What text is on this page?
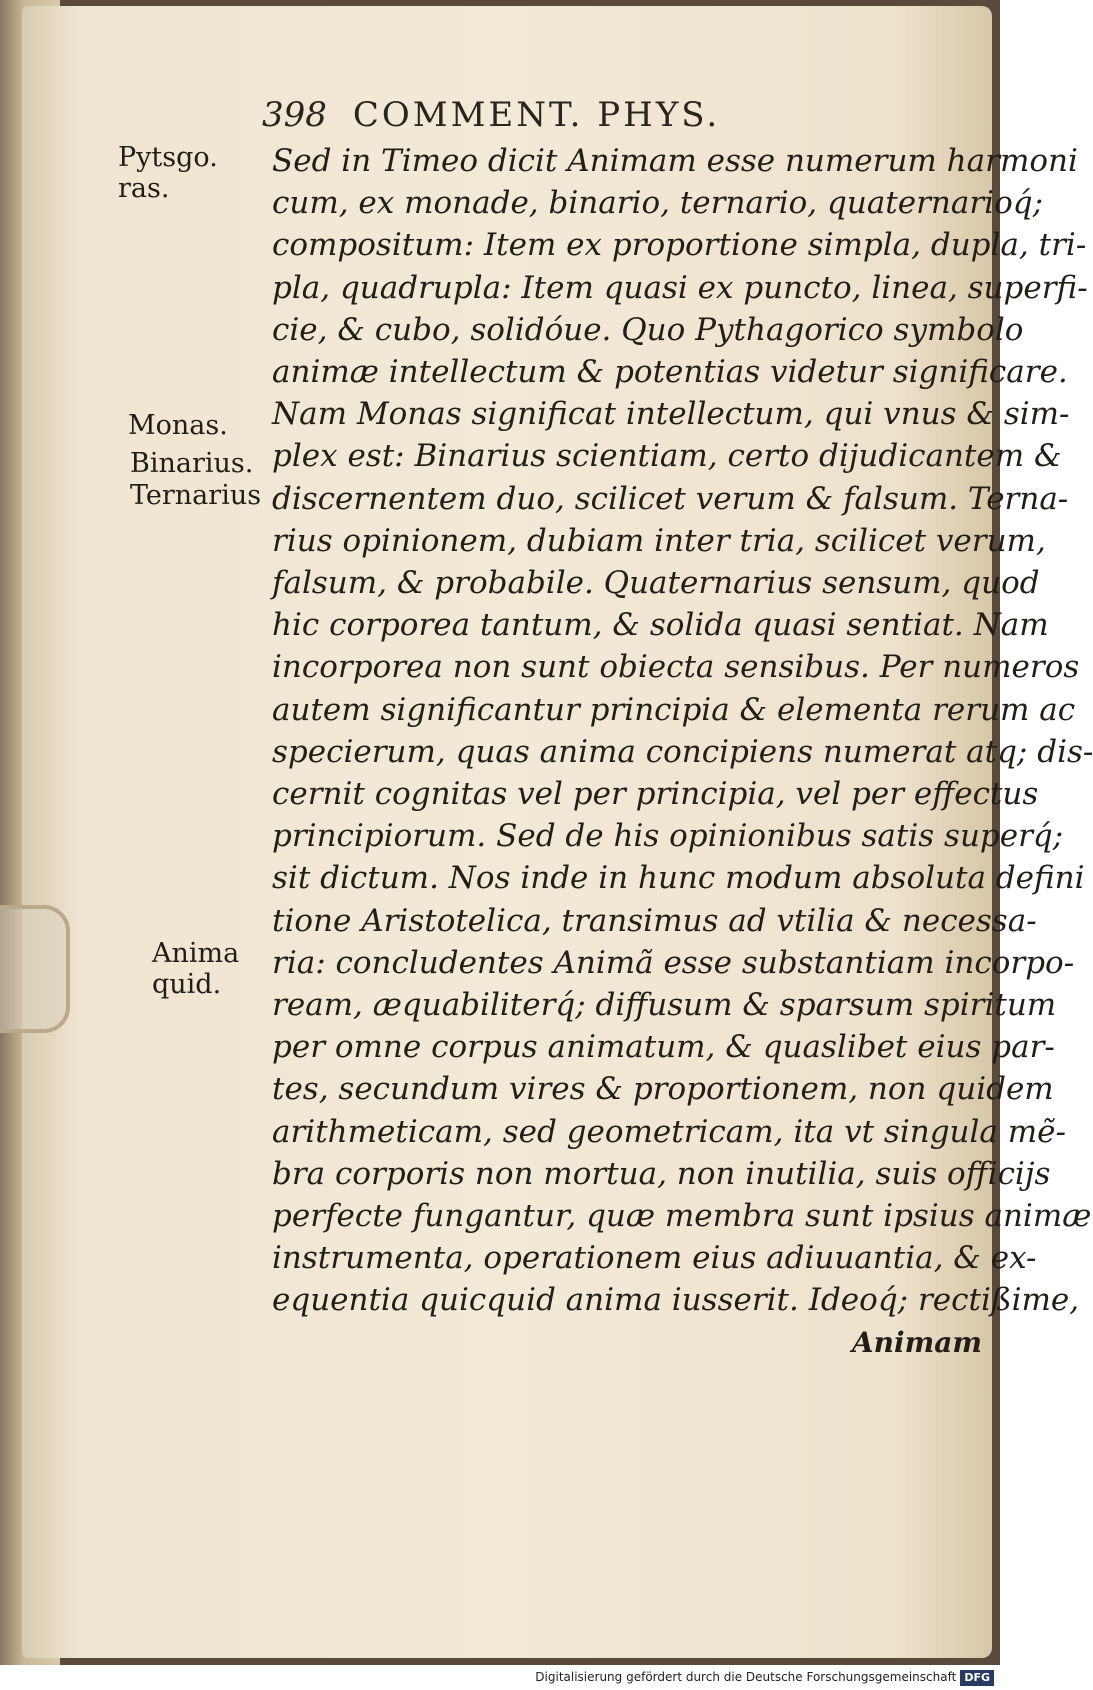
398 COMMENT. PHYS.
Pytsgo.
ras.
Monas.
Binarius.
Ternarius
Anima
quid.
Sed in Timeo dicit Animam esse numerum harmoni
cum, ex monade, binario, ternario, quaternarioq́;
compositum: Item ex proportione simpla, dupla, tri-
pla, quadrupla: Item quasi ex puncto, linea, superfi-
cie, & cubo, solidóue. Quo Pythagorico symbolo
animæ intellectum & potentias videtur significare.
Nam Monas significat intellectum, qui vnus & sim-
plex est: Binarius scientiam, certo dijudicantem &
discernentem duo, scilicet verum & falsum. Terna-
rius opinionem, dubiam inter tria, scilicet verum,
falsum, & probabile. Quaternarius sensum, quod
hic corporea tantum, & solida quasi sentiat. Nam
incorporea non sunt obiecta sensibus. Per numeros
autem significantur principia & elementa rerum ac
specierum, quas anima concipiens numerat atq; dis-
cernit cognitas vel per principia, vel per effectus
principiorum. Sed de his opinionibus satis superq́;
sit dictum. Nos inde in hunc modum absoluta defini
tione Aristotelica, transimus ad vtilia & necessa-
ria: concludentes Animã esse substantiam incorpo-
ream, æquabiliterq́; diffusum & sparsum spiritum
per omne corpus animatum, & quaslibet eius par-
tes, secundum vires & proportionem, non quidem
arithmeticam, sed geometricam, ita vt singula mẽ-
bra corporis non mortua, non inutilia, suis officijs
perfecte fungantur, quæ membra sunt ipsius animæ
instrumenta, operationem eius adiuuantia, & ex-
equentia quicquid anima iusserit. Ideoq́; rectißime,
Animam
Digitalisierung gefördert durch die Deutsche Forschungsgemeinschaft DFG
